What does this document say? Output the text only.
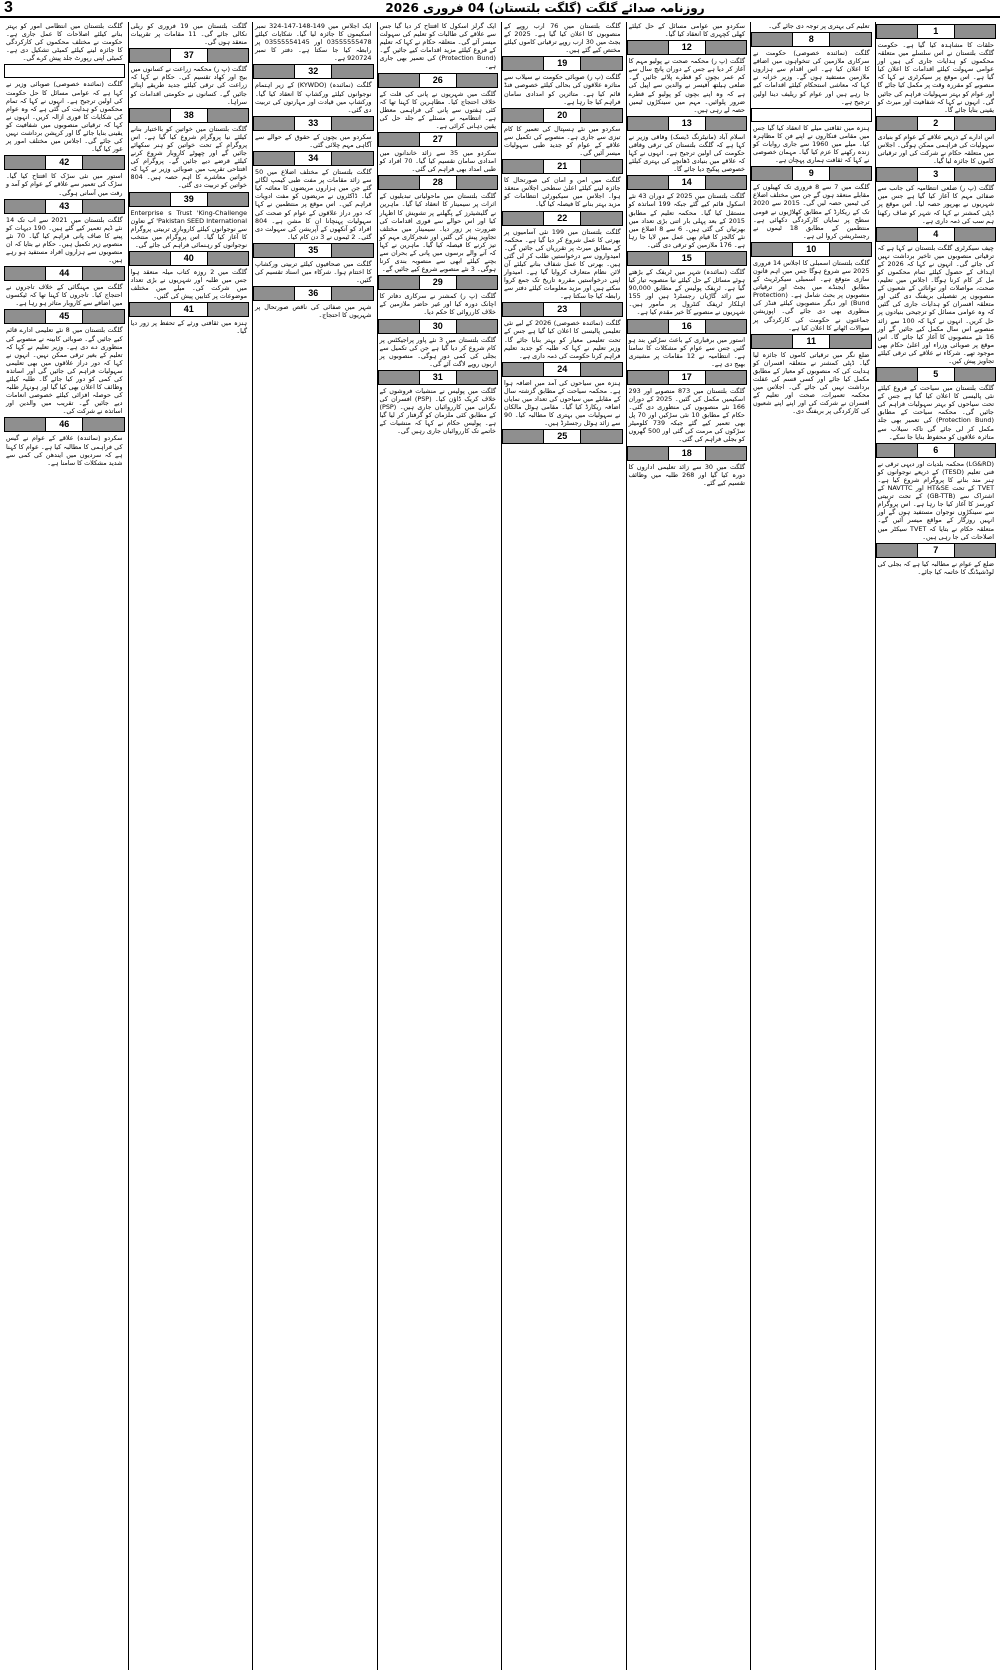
3	روزنامہ صدائے گلگت (گلگت بلتستان) 04 فروری 2026
1
حلقات کا مشاہدہ کیا گیا ہے۔ حکومت گلگت بلتستان نے اس سلسلے میں متعلقہ محکموں کو ہدایات جاری کی ہیں اور عوامی سہولت کیلئے اقدامات کا اعلان کیا گیا ہے۔ اس موقع پر سیکرٹری نے کہا کہ منصوبے کو مقررہ وقت پر مکمل کیا جائے گا اور عوام کو بہتر سہولیات فراہم کی جائیں گی۔ انہوں نے کہا کہ شفافیت اور میرٹ کو یقینی بنایا جائے گا۔
2
اس ادارے کے ذریعے علاقے کے عوام کو بنیادی سہولیات کی فراہمی ممکن ہوگی۔ اجلاس میں متعلقہ حکام نے شرکت کی اور ترقیاتی کاموں کا جائزہ لیا گیا۔
3
گلگت (پ ر) ضلعی انتظامیہ کی جانب سے صفائی مہم کا آغاز کیا گیا ہے جس میں شہریوں نے بھرپور حصہ لیا۔ اس موقع پر ڈپٹی کمشنر نے کہا کہ شہر کو صاف رکھنا ہم سب کی ذمہ داری ہے۔
4
چیف سیکرٹری گلگت بلتستان نے کہا ہے کہ ترقیاتی منصوبوں میں تاخیر برداشت نہیں کی جائے گی۔ انہوں نے کہا کہ 2026 کے اہداف کے حصول کیلئے تمام محکموں کو مل کر کام کرنا ہوگا۔ اجلاس میں تعلیم، صحت، مواصلات اور توانائی کے شعبوں کے منصوبوں پر تفصیلی بریفنگ دی گئی اور متعلقہ افسران کو ہدایات جاری کی گئیں کہ وہ عوامی مسائل کو ترجیحی بنیادوں پر حل کریں۔ انہوں نے کہا کہ 100 سے زائد منصوبے اس سال مکمل کیے جائیں گے اور 16 نئے منصوبوں کا آغاز کیا جائے گا۔ اس موقع پر صوبائی وزراء اور اعلیٰ حکام بھی موجود تھے۔ شرکاء نے علاقے کی ترقی کیلئے تجاویز پیش کیں۔
5
گلگت بلتستان میں سیاحت کے فروغ کیلئے نئی پالیسی کا اعلان کیا گیا ہے جس کے تحت سیاحوں کو بہتر سہولیات فراہم کی جائیں گی۔ محکمہ سیاحت کے مطابق (Protection Bund) کی تعمیر بھی جلد مکمل کر لی جائے گی تاکہ سیلاب سے متاثرہ علاقوں کو محفوظ بنایا جا سکے۔
6
(LG&RD) محکمہ بلدیات اور دیہی ترقی نے فنی تعلیم (TESD) کے ذریعے نوجوانوں کو ہنر مند بنانے کا پروگرام شروع کیا ہے۔ TVET کے تحت HT&SE اور NAVTTC کے اشتراک سے (GB-TTB) کے تحت تربیتی کورسز کا آغاز کیا جا رہا ہے۔ اس پروگرام سے سینکڑوں نوجوان مستفید ہوں گے اور انہیں روزگار کے مواقع میسر آئیں گے۔ متعلقہ حکام نے بتایا کہ TVET سیکٹر میں اصلاحات کی جا رہی ہیں۔
7
ضلع کے عوام نے مطالبہ کیا ہے کہ بجلی کی لوڈشیڈنگ کا خاتمہ کیا جائے۔
تعلیم کی بہتری پر توجہ دی جائے گی۔
8
گلگت (نمائندہ خصوصی) حکومت نے سرکاری ملازمین کی تنخواہوں میں اضافے کا اعلان کیا ہے۔ اس اقدام سے ہزاروں ملازمین مستفید ہوں گے۔ وزیر خزانہ نے کہا کہ معاشی استحکام کیلئے اقدامات کیے جا رہے ہیں اور عوام کو ریلیف دینا اولین ترجیح ہے۔
ہنزہ میں ثقافتی میلے کا انعقاد کیا گیا جس میں مقامی فنکاروں نے اپنے فن کا مظاہرہ کیا۔ میلے میں 1960 سے جاری روایات کو زندہ رکھنے کا عزم کیا گیا۔ مہمان خصوصی نے کہا کہ ثقافت ہماری پہچان ہے۔
9
گلگت میں 7 سے 8 فروری تک کھیلوں کے مقابلے منعقد ہوں گے جن میں مختلف اضلاع کی ٹیمیں حصہ لیں گی۔ 2015 سے 2020 تک کے ریکارڈ کے مطابق کھلاڑیوں نے قومی سطح پر نمایاں کارکردگی دکھائی ہے۔ منتظمین کے مطابق 18 ٹیموں نے رجسٹریشن کروا لی ہے۔
10
گلگت بلتستان اسمبلی کا اجلاس 14 فروری 2025 سے شروع ہوگا جس میں اہم قانون سازی متوقع ہے۔ اسمبلی سیکرٹریٹ کے مطابق ایجنڈے میں بجٹ اور ترقیاتی منصوبوں پر بحث شامل ہے۔ (Protection Bund) اور دیگر منصوبوں کیلئے فنڈز کی منظوری بھی دی جائے گی۔ اپوزیشن جماعتوں نے حکومت کی کارکردگی پر سوالات اٹھانے کا اعلان کیا ہے۔
11
ضلع نگر میں ترقیاتی کاموں کا جائزہ لیا گیا۔ ڈپٹی کمشنر نے متعلقہ افسران کو ہدایت کی کہ منصوبوں کو معیار کے مطابق مکمل کیا جائے اور کسی قسم کی غفلت برداشت نہیں کی جائے گی۔ اجلاس میں محکمہ تعمیرات، صحت اور تعلیم کے افسران نے شرکت کی اور اپنے اپنے شعبوں کی کارکردگی پر بریفنگ دی۔
سکردو میں عوامی مسائل کے حل کیلئے کھلی کچہری کا انعقاد کیا گیا۔
12
گلگت (پ ر) محکمہ صحت نے پولیو مہم کا آغاز کر دیا ہے جس کے دوران پانچ سال سے کم عمر بچوں کو قطرے پلائے جائیں گے۔ ضلعی ہیلتھ آفیسر نے والدین سے اپیل کی ہے کہ وہ اپنے بچوں کو پولیو کے قطرے ضرور پلوائیں۔ مہم میں سینکڑوں ٹیمیں حصہ لے رہی ہیں۔
13
اسلام آباد (مانیٹرنگ ڈیسک) وفاقی وزیر نے کہا ہے کہ گلگت بلتستان کی ترقی وفاقی حکومت کی اولین ترجیح ہے۔ انہوں نے کہا کہ علاقے میں بنیادی ڈھانچے کی بہتری کیلئے خصوصی پیکیج دیا جائے گا۔
14
گلگت بلتستان میں 2025 کے دوران 43 نئے اسکول قائم کیے گئے جبکہ 199 اساتذہ کو مستقل کیا گیا۔ محکمہ تعلیم کے مطابق 2015 کے بعد پہلی بار اتنی بڑی تعداد میں بھرتیاں کی گئی ہیں۔ 6 سے 8 اضلاع میں نئے کالجز کا قیام بھی عمل میں لایا جا رہا ہے۔ 176 ملازمین کو ترقی دی گئی۔
15
گلگت (نمائندہ) شہر میں ٹریفک کے بڑھتے ہوئے مسائل کے حل کیلئے نیا منصوبہ تیار کیا گیا ہے۔ ٹریفک پولیس کے مطابق 90,000 سے زائد گاڑیاں رجسٹرڈ ہیں اور 155 اہلکار ٹریفک کنٹرول پر مامور ہیں۔ شہریوں نے منصوبے کا خیر مقدم کیا ہے۔
16
استور میں برفباری کے باعث سڑکیں بند ہو گئیں جس سے عوام کو مشکلات کا سامنا ہے۔ انتظامیہ نے 12 مقامات پر مشینری بھیج دی ہے۔
17
گلگت بلتستان میں 873 منصوبے اور 293 اسکیمیں مکمل کی گئیں۔ 2025 کے دوران 166 نئے منصوبوں کی منظوری دی گئی۔ حکام کے مطابق 10 نئی سڑکیں اور 70 پل بھی تعمیر کیے گئے جبکہ 739 کلومیٹر سڑکوں کی مرمت کی گئی اور 500 گھروں کو بجلی فراہم کی گئی۔
18
گلگت میں 30 سے زائد تعلیمی اداروں کا دورہ کیا گیا اور 268 طلبہ میں وظائف تقسیم کیے گئے۔
گلگت بلتستان میں 76 ارب روپے کے منصوبوں کا اعلان کیا گیا ہے۔ 2025 کے بجٹ میں 30 ارب روپے ترقیاتی کاموں کیلئے مختص کیے گئے ہیں۔
19
گلگت (پ ر) صوبائی حکومت نے سیلاب سے متاثرہ علاقوں کی بحالی کیلئے خصوصی فنڈ قائم کیا ہے۔ متاثرین کو امدادی سامان فراہم کیا جا رہا ہے۔
20
سکردو میں نئے ہسپتال کی تعمیر کا کام تیزی سے جاری ہے۔ منصوبے کی تکمیل سے علاقے کے عوام کو جدید طبی سہولیات میسر آئیں گی۔
21
گلگت میں امن و امان کی صورتحال کا جائزہ لینے کیلئے اعلیٰ سطحی اجلاس منعقد ہوا۔ اجلاس میں سیکیورٹی انتظامات کو مزید بہتر بنانے کا فیصلہ کیا گیا۔
22
گلگت بلتستان میں 199 نئی آسامیوں پر بھرتی کا عمل شروع کر دیا گیا ہے۔ محکمہ کے مطابق میرٹ پر تقرریاں کی جائیں گی۔ امیدواروں سے درخواستیں طلب کر لی گئی ہیں۔ بھرتی کا عمل شفاف بنانے کیلئے آن لائن نظام متعارف کروایا گیا ہے۔ امیدوار اپنی درخواستیں مقررہ تاریخ تک جمع کروا سکتے ہیں اور مزید معلومات کیلئے دفتر سے رابطہ کیا جا سکتا ہے۔
23
گلگت (نمائندہ خصوصی) 2026 کے لیے نئی تعلیمی پالیسی کا اعلان کیا گیا ہے جس کے تحت تعلیمی معیار کو بہتر بنایا جائے گا۔ وزیر تعلیم نے کہا کہ طلبہ کو جدید تعلیم فراہم کرنا حکومت کی ذمہ داری ہے۔
24
ہنزہ میں سیاحوں کی آمد میں اضافہ ہوا ہے۔ محکمہ سیاحت کے مطابق گزشتہ سال کے مقابلے میں سیاحوں کی تعداد میں نمایاں اضافہ ریکارڈ کیا گیا۔ مقامی ہوٹل مالکان نے سہولیات میں بہتری کا مطالبہ کیا۔ 90 سے زائد ہوٹل رجسٹرڈ ہیں۔
25
ایک گرلز اسکول کا افتتاح کر دیا گیا جس سے علاقے کی طالبات کو تعلیم کی سہولت میسر آئے گی۔ متعلقہ حکام نے کہا کہ تعلیم کے فروغ کیلئے مزید اقدامات کیے جائیں گے۔ (Protection Bund) کی تعمیر بھی جاری ہے۔
26
گلگت میں شہریوں نے پانی کی قلت کے خلاف احتجاج کیا۔ مظاہرین کا کہنا تھا کہ کئی ہفتوں سے پانی کی فراہمی معطل ہے۔ انتظامیہ نے مسئلے کے جلد حل کی یقین دہانی کرائی ہے۔
27
سکردو میں 35 سے زائد خاندانوں میں امدادی سامان تقسیم کیا گیا۔ 70 افراد کو طبی امداد بھی فراہم کی گئی۔
28
گلگت بلتستان میں ماحولیاتی تبدیلیوں کے اثرات پر سیمینار کا انعقاد کیا گیا۔ ماہرین نے گلیشیئرز کے پگھلنے پر تشویش کا اظہار کیا اور اس حوالے سے فوری اقدامات کی ضرورت پر زور دیا۔ سیمینار میں مختلف تجاویز پیش کی گئیں اور شجرکاری مہم کو تیز کرنے کا فیصلہ کیا گیا۔ ماہرین نے کہا کہ آنے والے برسوں میں پانی کے بحران سے بچنے کیلئے ابھی سے منصوبہ بندی کرنا ہوگی۔ 3 نئے منصوبے شروع کیے جائیں گے۔
29
گلگت (پ ر) کمشنر نے سرکاری دفاتر کا اچانک دورہ کیا اور غیر حاضر ملازمین کے خلاف کارروائی کا حکم دیا۔
30
گلگت بلتستان میں 3 نئے پاور پراجیکٹس پر کام شروع کر دیا گیا ہے جن کی تکمیل سے بجلی کی کمی دور ہوگی۔ منصوبوں پر اربوں روپے لاگت آئے گی۔
31
گلگت میں پولیس نے منشیات فروشوں کے خلاف کریک ڈاؤن کیا۔ (PSP) افسران کی نگرانی میں کارروائیاں جاری ہیں۔ (PSP) کے مطابق کئی ملزمان کو گرفتار کر لیا گیا ہے۔ پولیس حکام نے کہا کہ منشیات کے خاتمے تک کارروائیاں جاری رہیں گی۔
ایک اجلاس میں 149-148-147-324 نمبر اسکیموں کا جائزہ لیا گیا۔ شکایات کیلئے 03555555478 اور 03555554145 پر رابطہ کیا جا سکتا ہے۔ دفتر کا نمبر 920724 ہے۔
32
گلگت (نمائندہ) (KYWDO) کے زیر اہتمام نوجوانوں کیلئے ورکشاپ کا انعقاد کیا گیا۔ ورکشاپ میں قیادت اور مہارتوں کی تربیت دی گئی۔
33
سکردو میں بچوں کے حقوق کے حوالے سے آگاہی مہم چلائی گئی۔
34
گلگت بلتستان کے مختلف اضلاع میں 50 سے زائد مقامات پر مفت طبی کیمپ لگائے گئے جن میں ہزاروں مریضوں کا معائنہ کیا گیا۔ ڈاکٹروں نے مریضوں کو مفت ادویات فراہم کیں۔ اس موقع پر منتظمین نے کہا کہ دور دراز علاقوں کے عوام کو صحت کی سہولیات پہنچانا ان کا مشن ہے۔ 804 افراد کو آنکھوں کے آپریشن کی سہولت دی گئی۔ 2 ٹیموں نے 3 دن کام کیا۔
35
گلگت میں صحافیوں کیلئے تربیتی ورکشاپ کا اختتام ہوا۔ شرکاء میں اسناد تقسیم کی گئیں۔
36
شہر میں صفائی کی ناقص صورتحال پر شہریوں کا احتجاج۔
گلگت بلتستان میں 19 فروری کو ریلی نکالی جائے گی۔ 11 مقامات پر تقریبات منعقد ہوں گی۔
37
گلگت (پ ر) محکمہ زراعت نے کسانوں میں بیج اور کھاد تقسیم کی۔ حکام نے کہا کہ زراعت کی ترقی کیلئے جدید طریقے اپنائے جائیں گے۔ کسانوں نے حکومتی اقدامات کو سراہا۔
38
گلگت بلتستان میں خواتین کو بااختیار بنانے کیلئے نیا پروگرام شروع کیا گیا ہے۔ اس پروگرام کے تحت خواتین کو ہنر سکھائے جائیں گے اور چھوٹے کاروبار شروع کرنے کیلئے قرضے دیے جائیں گے۔ پروگرام کی افتتاحی تقریب میں صوبائی وزیر نے کہا کہ خواتین معاشرے کا اہم حصہ ہیں۔ 804 خواتین کو تربیت دی گئی۔
39
Enterprise s Trust 'King-Challenge Pakistan SEED International' کے تعاون سے نوجوانوں کیلئے کاروباری تربیتی پروگرام کا آغاز کیا گیا۔ اس پروگرام میں منتخب نوجوانوں کو رہنمائی فراہم کی جائے گی۔
40
گلگت میں 2 روزہ کتاب میلہ منعقد ہوا جس میں طلبہ اور شہریوں نے بڑی تعداد میں شرکت کی۔ میلے میں مختلف موضوعات پر کتابیں پیش کی گئیں۔
41
ہنزہ میں ثقافتی ورثے کے تحفظ پر زور دیا گیا۔
گلگت بلتستان میں انتظامی امور کو بہتر بنانے کیلئے اصلاحات کا عمل جاری ہے۔ حکومت نے مختلف محکموں کی کارکردگی کا جائزہ لینے کیلئے کمیٹی تشکیل دی ہے۔ کمیٹی اپنی رپورٹ جلد پیش کرے گی۔
گلگت (نمائندہ خصوصی) صوبائی وزیر نے کہا ہے کہ عوامی مسائل کا حل حکومت کی اولین ترجیح ہے۔ انہوں نے کہا کہ تمام محکموں کو ہدایت کی گئی ہے کہ وہ عوام کی شکایات کا فوری ازالہ کریں۔ انہوں نے کہا کہ ترقیاتی منصوبوں میں شفافیت کو یقینی بنایا جائے گا اور کرپشن برداشت نہیں کی جائے گی۔ اجلاس میں مختلف امور پر غور کیا گیا۔
42
استور میں نئی سڑک کا افتتاح کیا گیا۔ سڑک کی تعمیر سے علاقے کے عوام کو آمد و رفت میں آسانی ہوگی۔
43
گلگت بلتستان میں 2021 سے اب تک 14 نئے ڈیم تعمیر کیے گئے ہیں۔ 190 دیہات کو پینے کا صاف پانی فراہم کیا گیا۔ 70 نئے منصوبے زیر تکمیل ہیں۔ حکام نے بتایا کہ ان منصوبوں سے ہزاروں افراد مستفید ہو رہے ہیں۔
44
گلگت میں مہنگائی کے خلاف تاجروں نے احتجاج کیا۔ تاجروں کا کہنا تھا کہ ٹیکسوں میں اضافے سے کاروبار متاثر ہو رہا ہے۔
45
گلگت بلتستان میں 8 نئے تعلیمی ادارے قائم کیے جائیں گے۔ صوبائی کابینہ نے منصوبے کی منظوری دے دی ہے۔ وزیر تعلیم نے کہا کہ تعلیم کے بغیر ترقی ممکن نہیں۔ انہوں نے کہا کہ دور دراز علاقوں میں بھی تعلیمی سہولیات فراہم کی جائیں گی اور اساتذہ کی کمی کو دور کیا جائے گا۔ طلبہ کیلئے وظائف کا اعلان بھی کیا گیا اور ہونہار طلبہ کی حوصلہ افزائی کیلئے خصوصی انعامات دیے جائیں گے۔ تقریب میں والدین اور اساتذہ نے شرکت کی۔
46
سکردو (نمائندہ) علاقے کے عوام نے گیس کی فراہمی کا مطالبہ کیا ہے۔ عوام کا کہنا ہے کہ سردیوں میں ایندھن کی کمی سے شدید مشکلات کا سامنا ہے۔
